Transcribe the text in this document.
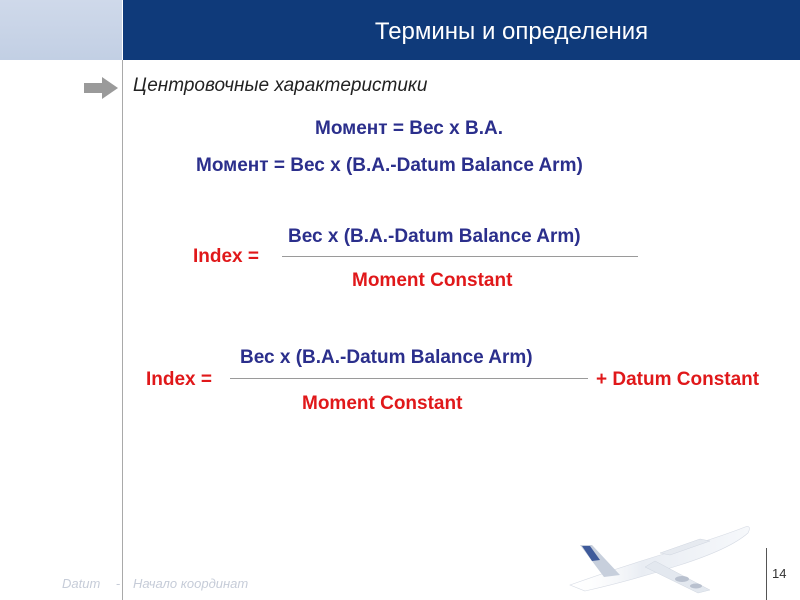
Термины и определения
Центровочные характеристики
Момент = Вес х В.А.
Момент = Вес х (В.А.-Datum Balance Arm)
Index =
Вес х (В.А.-Datum Balance Arm)
Moment Constant
Index =
Вес х (В.А.-Datum Balance Arm)
Moment Constant
+ Datum Constant
Datum - Начало координат
14
